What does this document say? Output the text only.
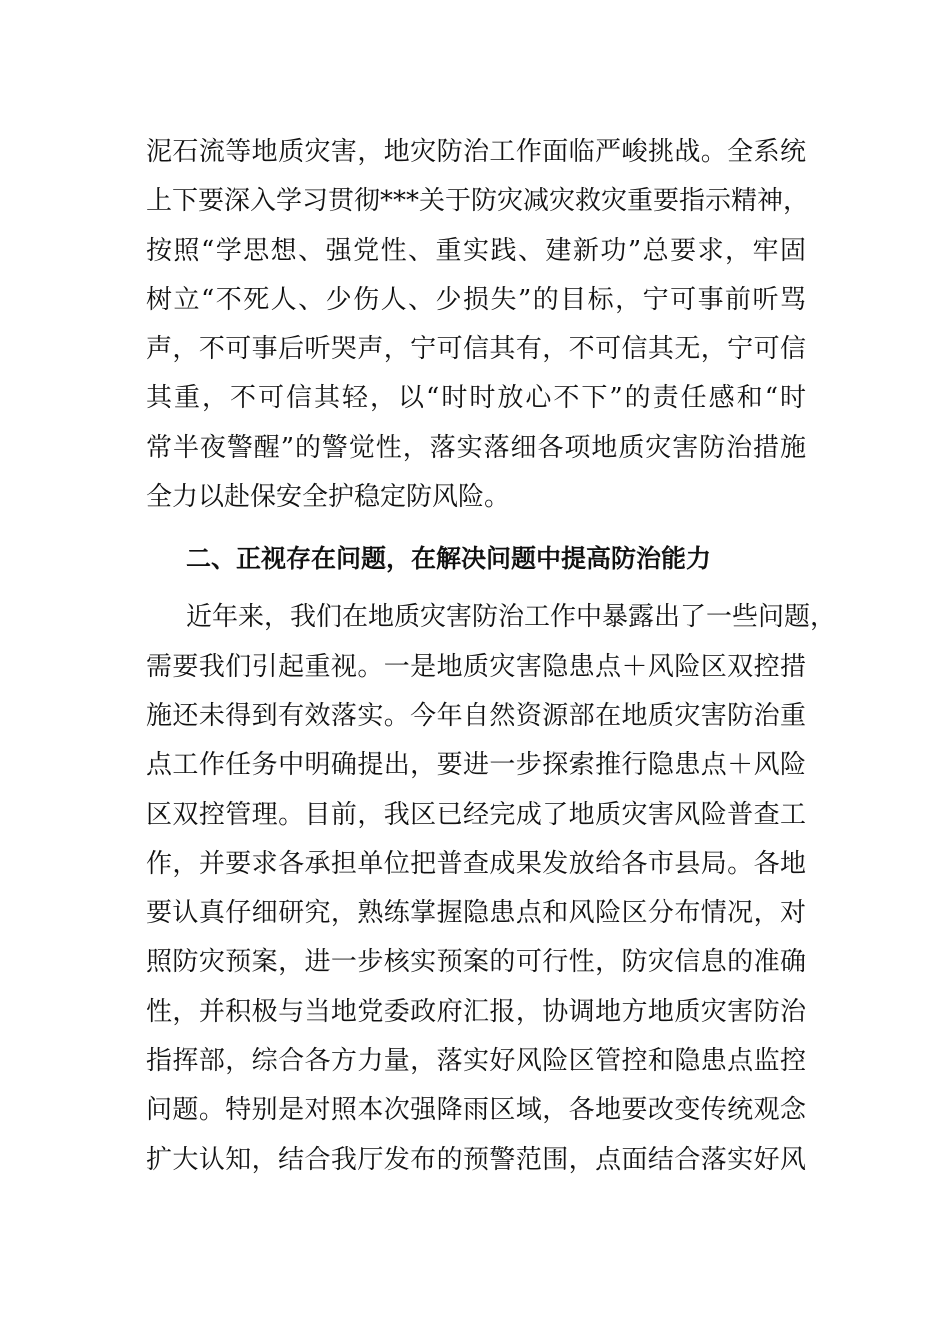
泥石流等地质灾害，地灾防治工作面临严峻挑战。全系统
上下要深入学习贯彻***关于防灾减灾救灾重要指示精神，
按照“学思想、强党性、重实践、建新功”总要求，牢固
树立“不死人、少伤人、少损失”的目标，宁可事前听骂
声，不可事后听哭声，宁可信其有，不可信其无，宁可信
其重，不可信其轻，以“时时放心不下”的责任感和“时
常半夜警醒”的警觉性，落实落细各项地质灾害防治措施
全力以赴保安全护稳定防风险。
二、正视存在问题，在解决问题中提高防治能力
近年来，我们在地质灾害防治工作中暴露出了一些问题，
需要我们引起重视。一是地质灾害隐患点＋风险区双控措
施还未得到有效落实。今年自然资源部在地质灾害防治重
点工作任务中明确提出，要进一步探索推行隐患点＋风险
区双控管理。目前，我区已经完成了地质灾害风险普查工
作，并要求各承担单位把普查成果发放给各市县局。各地
要认真仔细研究，熟练掌握隐患点和风险区分布情况，对
照防灾预案，进一步核实预案的可行性，防灾信息的准确
性，并积极与当地党委政府汇报，协调地方地质灾害防治
指挥部，综合各方力量，落实好风险区管控和隐患点监控
问题。特别是对照本次强降雨区域，各地要改变传统观念
扩大认知，结合我厅发布的预警范围，点面结合落实好风
